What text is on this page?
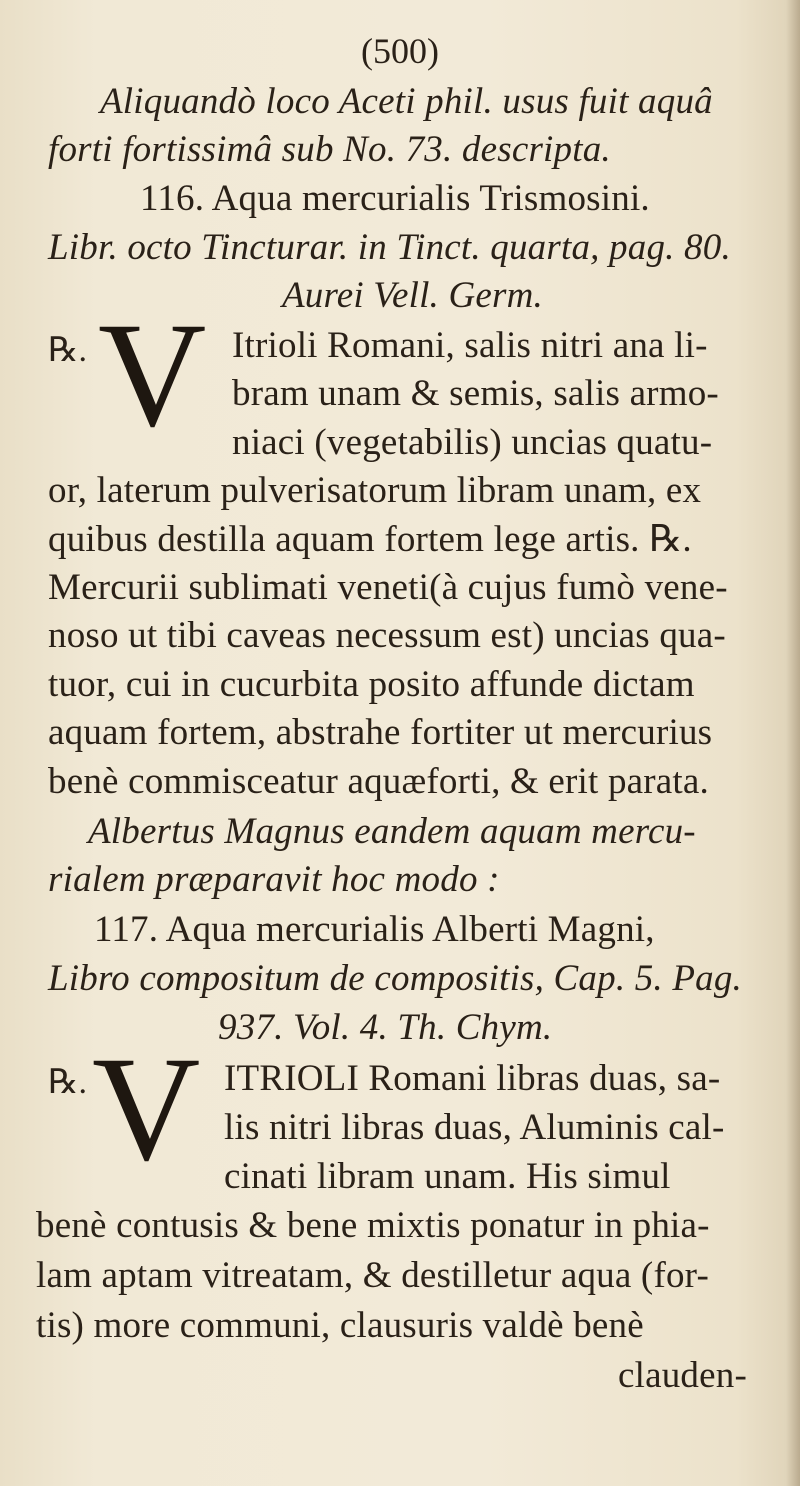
(500)
Aliquandò loco Aceti phil. usus fuit aquâ
forti fortissimâ sub No. 73. descripta.
116. Aqua mercurialis Trismosini.
Libr. octo Tincturar. in Tinct. quarta, pag. 80.
Aurei Vell. Germ.
℞. V Itrioli Romani, salis nitri ana li-
bram unam & semis, salis armo-
niaci (vegetabilis) uncias quatu-
or, laterum pulverisatorum libram unam, ex
quibus destilla aquam fortem lege artis. ℞.
Mercurii sublimati veneti(à cujus fumò vene-
noso ut tibi caveas necessum est) uncias qua-
tuor, cui in cucurbita posito affunde dictam
aquam fortem, abstrahe fortiter ut mercurius
benè commisceatur aquæforti, & erit parata.
Albertus Magnus eandem aquam mercu-
rialem præparavit hoc modo :
117. Aqua mercurialis Alberti Magni,
Libro compositum de compositis, Cap. 5. Pag.
937. Vol. 4. Th. Chym.
℞. V ITRIOLI Romani libras duas, sa-
lis nitri libras duas, Aluminis cal-
cinati libram unam. His simul
benè contusis & bene mixtis ponatur in phia-
lam aptam vitreatam, & destilletur aqua (for-
tis) more communi, clausuris valdè benè
clauden-
